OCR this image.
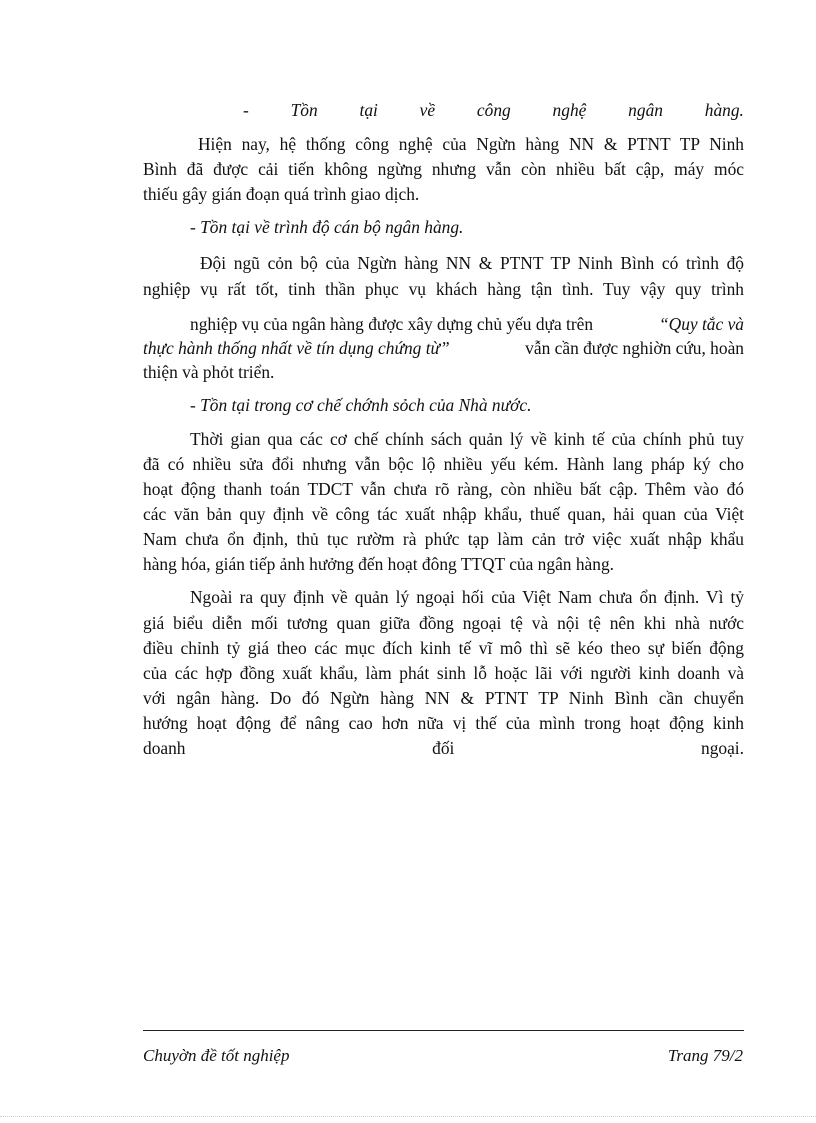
- Tồn tại về công nghệ ngân hàng.
Hiện nay, hệ thống công nghệ của Ngừn hàng NN & PTNT TP Ninh
Bình đã được cải tiến không ngừng nhưng vẫn còn nhiều bất cập, máy móc
thiếu gây gián đoạn quá trình giao dịch.
- Tồn tại về trình độ cán bộ ngân hàng.
Đội ngũ cỏn bộ của Ngừn hàng NN & PTNT TP Ninh Bình có trình độ
nghiệp vụ rất tốt, tinh thần phục vụ khách hàng tận tình. Tuy vậy quy trình
nghiệp vụ của ngân hàng được xây dựng chủ yếu dựa trên	“Quy tắc và
thực hành thống nhất về tín dụng chứng từ”	vẫn cần được nghiờn cứu, hoàn
thiện và phỏt triển.
- Tồn tại trong cơ chế chớnh sỏch của Nhà nước.
Thời gian qua các cơ chế chính sách quản lý về kinh tế của chính phủ tuy
đã có nhiều sửa đổi nhưng vẫn bộc lộ nhiều yếu kém. Hành lang pháp ký cho
hoạt động thanh toán TDCT vẫn chưa rõ ràng, còn nhiều bất cập. Thêm vào đó
các văn bản quy định về công tác xuất nhập khẩu, thuế quan, hải quan của Việt
Nam chưa ổn định, thủ tục rườm rà phức tạp làm cản trở việc xuất nhập khẩu
hàng hóa, gián tiếp ảnh hưởng đến hoạt đông TTQT của ngân hàng.
Ngoài ra quy định về quản lý ngoại hối của Việt Nam chưa ổn định. Vì tỷ
giá biểu diễn mối tương quan giữa đồng ngoại tệ và nội tệ nên khi nhà nước
điều chỉnh tỷ giá theo các mục đích kinh tế vĩ mô thì sẽ kéo theo sự biến động
của các hợp đồng xuất khẩu, làm phát sinh lỗ hoặc lãi với người kinh doanh và
với ngân hàng. Do đó Ngừn hàng NN & PTNT TP Ninh Bình cần chuyển
hướng hoạt động để nâng cao hơn nữa vị thế của mình trong hoạt động kinh
doanh	đối	ngoại.
Chuyờn đề tốt nghiệp	Trang 79/2
